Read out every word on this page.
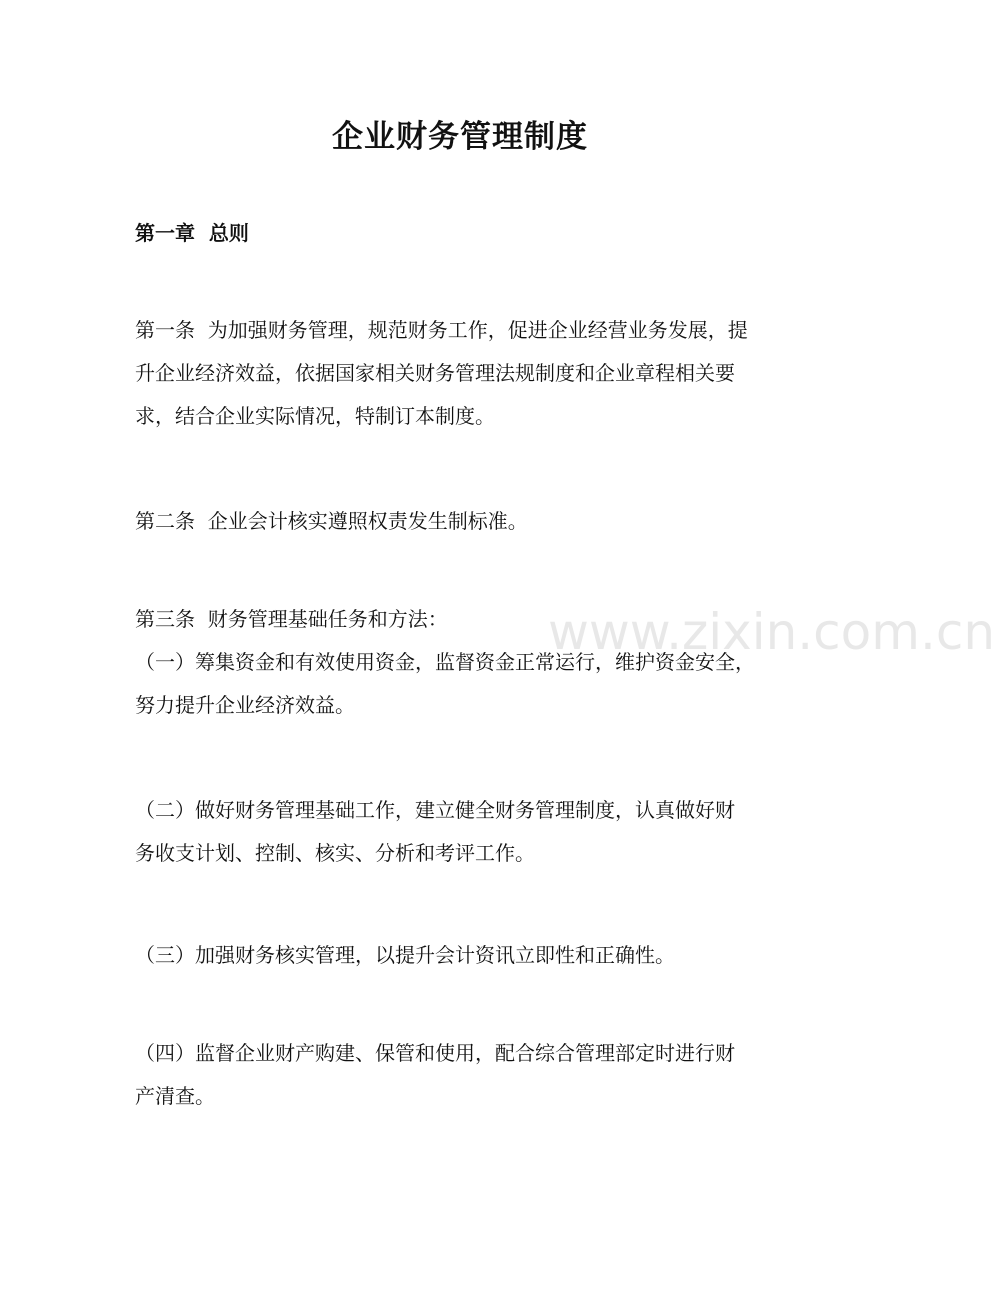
企业财务管理制度
第一章  总则
第一条  为加强财务管理，规范财务工作，促进企业经营业务发展，提
升企业经济效益，依据国家相关财务管理法规制度和企业章程相关要
求，结合企业实际情况，特制订本制度。
第二条  企业会计核实遵照权责发生制标准。
第三条  财务管理基础任务和方法：
（一）筹集资金和有效使用资金，监督资金正常运行，维护资金安全，
努力提升企业经济效益。
（二）做好财务管理基础工作，建立健全财务管理制度，认真做好财
务收支计划、控制、核实、分析和考评工作。
（三）加强财务核实管理，以提升会计资讯立即性和正确性。
（四）监督企业财产购建、保管和使用，配合综合管理部定时进行财
产清查。
www.zixin.com.cn
